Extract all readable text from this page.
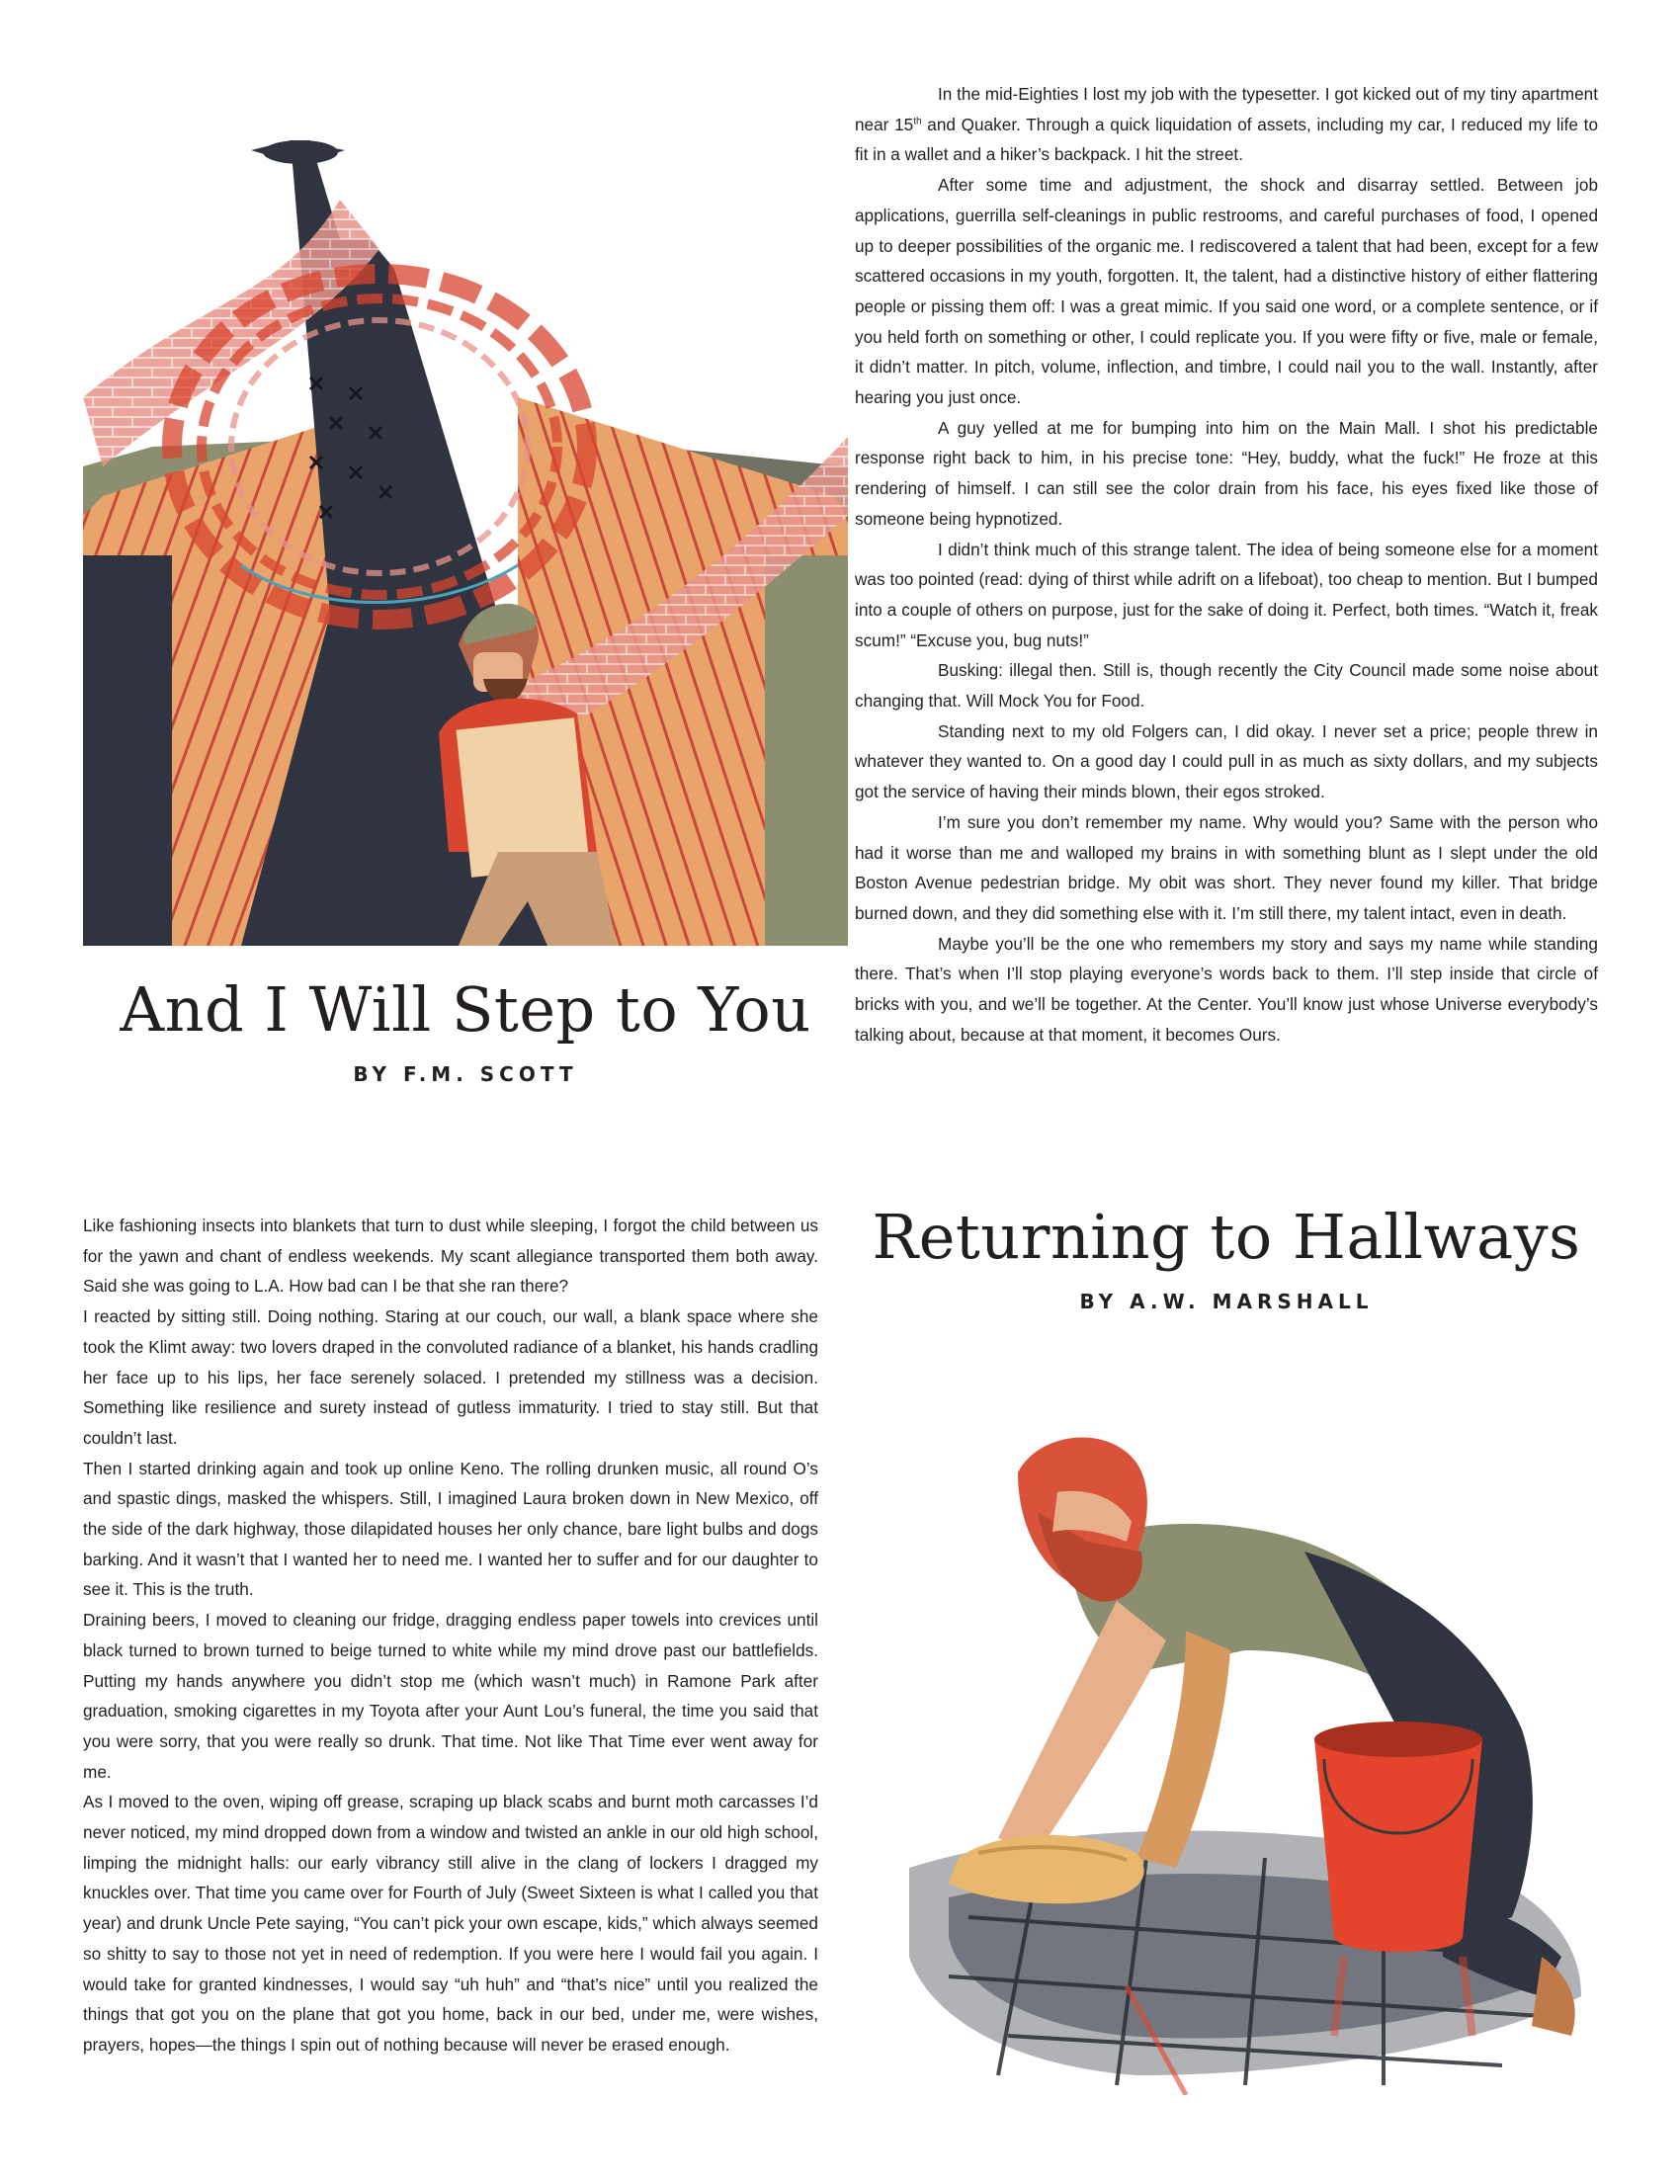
And I Will Step to You
BY F.M. SCOTT

In the mid-Eighties I lost my job with the typesetter. I got kicked out of my tiny apartment near 15th and Quaker. Through a quick liquidation of assets, including my car, I reduced my life to fit in a wallet and a hiker’s backpack. I hit the street.

After some time and adjustment, the shock and disarray settled. Between job applications, guerrilla self-cleanings in public restrooms, and careful purchases of food, I opened up to deeper possibilities of the organic me. I rediscovered a talent that had been, except for a few scattered occasions in my youth, forgotten. It, the talent, had a distinctive history of either flattering people or pissing them off: I was a great mimic. If you said one word, or a complete sentence, or if you held forth on something or other, I could replicate you. If you were fifty or five, male or female, it didn’t matter. In pitch, volume, inflection, and timbre, I could nail you to the wall. Instantly, after hearing you just once.

A guy yelled at me for bumping into him on the Main Mall. I shot his predictable response right back to him, in his precise tone: “Hey, buddy, what the fuck!” He froze at this rendering of himself. I can still see the color drain from his face, his eyes fixed like those of someone being hypnotized.

I didn’t think much of this strange talent. The idea of being someone else for a moment was too pointed (read: dying of thirst while adrift on a lifeboat), too cheap to mention. But I bumped into a couple of others on purpose, just for the sake of doing it. Perfect, both times. “Watch it, freak scum!” “Excuse you, bug nuts!”

Busking: illegal then. Still is, though recently the City Council made some noise about changing that. Will Mock You for Food.

Standing next to my old Folgers can, I did okay. I never set a price; people threw in whatever they wanted to. On a good day I could pull in as much as sixty dollars, and my subjects got the service of having their minds blown, their egos stroked.

I’m sure you don’t remember my name. Why would you? Same with the person who had it worse than me and walloped my brains in with something blunt as I slept under the old Boston Avenue pedestrian bridge. My obit was short. They never found my killer. That bridge burned down, and they did something else with it. I’m still there, my talent intact, even in death.

Maybe you’ll be the one who remembers my story and says my name while standing there. That’s when I’ll stop playing everyone’s words back to them. I’ll step inside that circle of bricks with you, and we’ll be together. At the Center. You’ll know just whose Universe everybody’s talking about, because at that moment, it becomes Ours.

Like fashioning insects into blankets that turn to dust while sleeping, I forgot the child between us for the yawn and chant of endless weekends. My scant allegiance transported them both away. Said she was going to L.A. How bad can I be that she ran there?

I reacted by sitting still. Doing nothing. Staring at our couch, our wall, a blank space where she took the Klimt away: two lovers draped in the convoluted radiance of a blanket, his hands cradling her face up to his lips, her face serenely solaced. I pretended my stillness was a decision. Something like resilience and surety instead of gutless immaturity. I tried to stay still. But that couldn’t last.

Then I started drinking again and took up online Keno. The rolling drunken music, all round O’s and spastic dings, masked the whispers. Still, I imagined Laura broken down in New Mexico, off the side of the dark highway, those dilapidated houses her only chance, bare light bulbs and dogs barking. And it wasn’t that I wanted her to need me. I wanted her to suffer and for our daughter to see it. This is the truth.

Draining beers, I moved to cleaning our fridge, dragging endless paper towels into crevices until black turned to brown turned to beige turned to white while my mind drove past our battlefields. Putting my hands anywhere you didn’t stop me (which wasn’t much) in Ramone Park after graduation, smoking cigarettes in my Toyota after your Aunt Lou’s funeral, the time you said that you were sorry, that you were really so drunk. That time. Not like That Time ever went away for me.

As I moved to the oven, wiping off grease, scraping up black scabs and burnt moth carcasses I’d never noticed, my mind dropped down from a window and twisted an ankle in our old high school, limping the midnight halls: our early vibrancy still alive in the clang of lockers I dragged my knuckles over. That time you came over for Fourth of July (Sweet Sixteen is what I called you that year) and drunk Uncle Pete saying, “You can’t pick your own escape, kids,” which always seemed so shitty to say to those not yet in need of redemption. If you were here I would fail you again. I would take for granted kindnesses, I would say “uh huh” and “that’s nice” until you realized the things that got you on the plane that got you home, back in our bed, under me, were wishes, prayers, hopes—the things I spin out of nothing because will never be erased enough.

Returning to Hallways
BY A.W. MARSHALL
